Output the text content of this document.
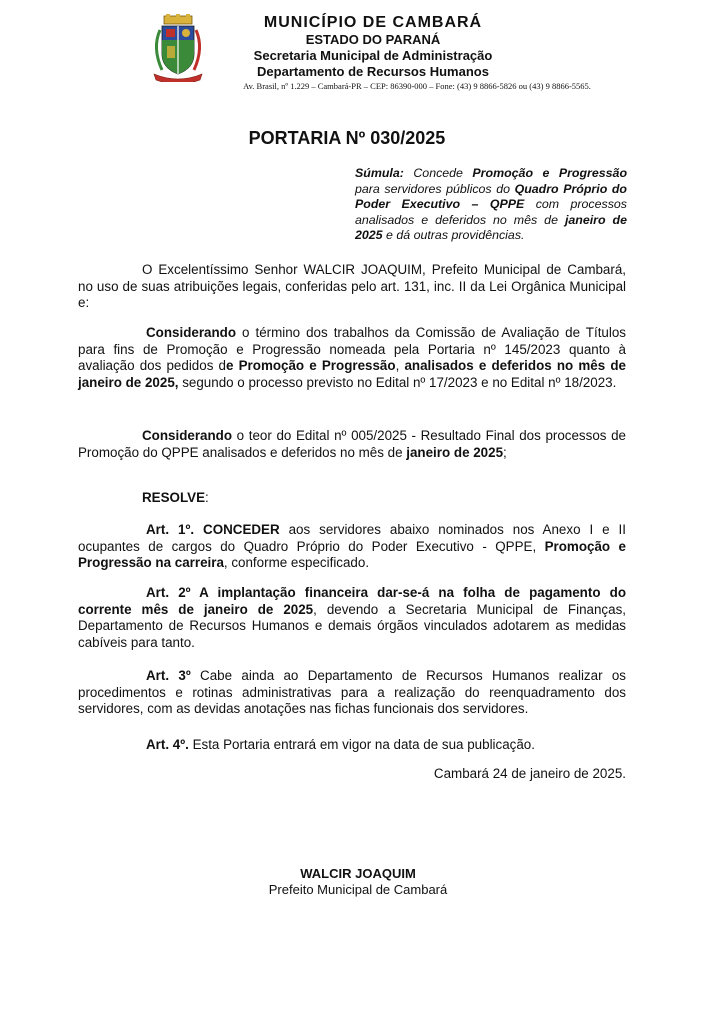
MUNICÍPIO DE CAMBARÁ
ESTADO DO PARANÁ
Secretaria Municipal de Administração
Departamento de Recursos Humanos
Av. Brasil, nº 1.229 – Cambará-PR – CEP: 86390-000 – Fone: (43) 9 8866-5826 ou (43) 9 8866-5565.
PORTARIA Nº 030/2025
Súmula: Concede Promoção e Progressão para servidores públicos do Quadro Próprio do Poder Executivo – QPPE com processos analisados e deferidos no mês de janeiro de 2025 e dá outras providências.
O Excelentíssimo Senhor WALCIR JOAQUIM, Prefeito Municipal de Cambará, no uso de suas atribuições legais, conferidas pelo art. 131, inc. II da Lei Orgânica Municipal e:
Considerando o término dos trabalhos da Comissão de Avaliação de Títulos para fins de Promoção e Progressão nomeada pela Portaria nº 145/2023 quanto à avaliação dos pedidos de Promoção e Progressão, analisados e deferidos no mês de janeiro de 2025, segundo o processo previsto no Edital nº 17/2023 e no Edital nº 18/2023.
Considerando o teor do Edital nº 005/2025 - Resultado Final dos processos de Promoção do QPPE analisados e deferidos no mês de janeiro de 2025;
RESOLVE:
Art. 1º. CONCEDER aos servidores abaixo nominados nos Anexo I e II ocupantes de cargos do Quadro Próprio do Poder Executivo - QPPE, Promoção e Progressão na carreira, conforme especificado.
Art. 2º A implantação financeira dar-se-á na folha de pagamento do corrente mês de janeiro de 2025, devendo a Secretaria Municipal de Finanças, Departamento de Recursos Humanos e demais órgãos vinculados adotarem as medidas cabíveis para tanto.
Art. 3º Cabe ainda ao Departamento de Recursos Humanos realizar os procedimentos e rotinas administrativas para a realização do reenquadramento dos servidores, com as devidas anotações nas fichas funcionais dos servidores.
Art. 4º. Esta Portaria entrará em vigor na data de sua publicação.
Cambará 24 de janeiro de 2025.
WALCIR JOAQUIM
Prefeito Municipal de Cambará
